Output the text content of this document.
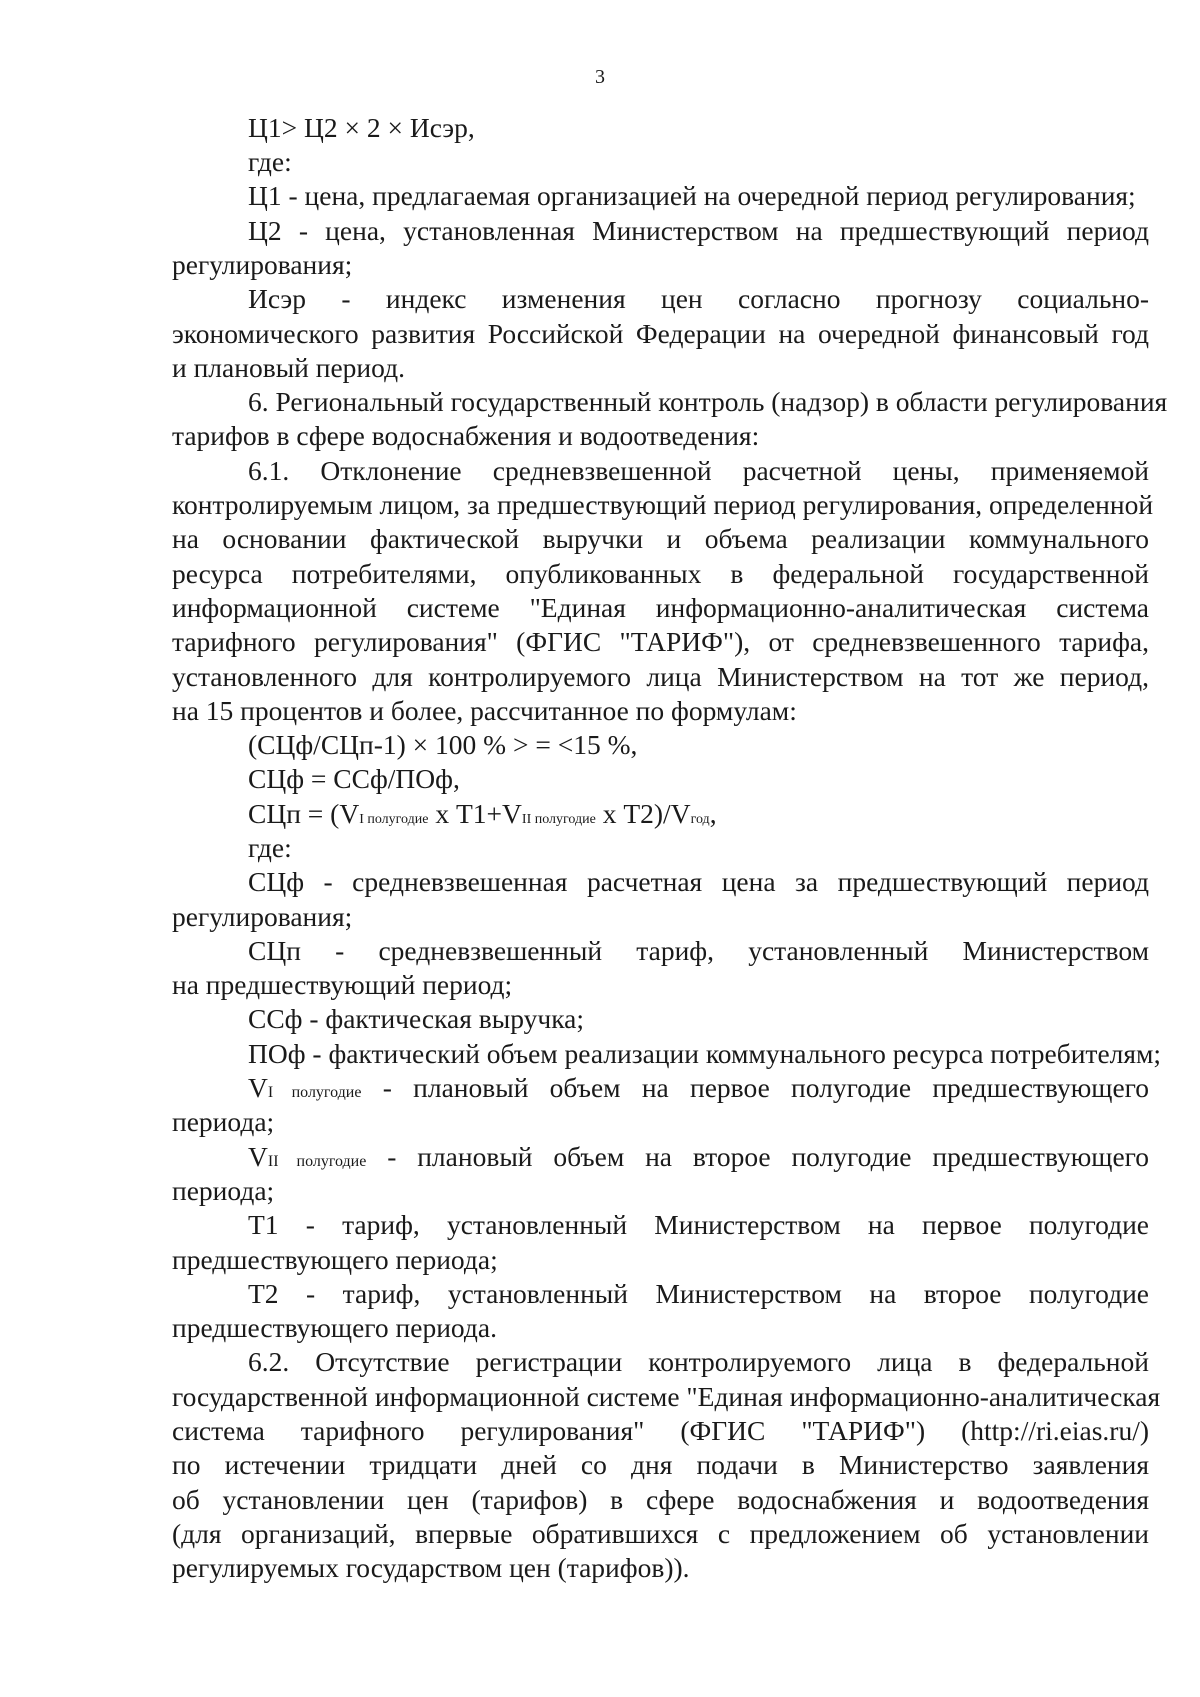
3
Ц1> Ц2 × 2 × Исэр,
где:
Ц1 - цена, предлагаемая организацией на очередной период регулирования;
Ц2 - цена, установленная Министерством на предшествующий период
регулирования;
Исэр - индекс изменения цен согласно прогнозу социально-
экономического развития Российской Федерации на очередной финансовый год
и плановый период.
6. Региональный государственный контроль (надзор) в области регулирования
тарифов в сфере водоснабжения и водоотведения:
6.1. Отклонение средневзвешенной расчетной цены, применяемой
контролируемым лицом, за предшествующий период регулирования, определенной
на основании фактической выручки и объема реализации коммунального
ресурса потребителями, опубликованных в федеральной государственной
информационной системе "Единая информационно-аналитическая система
тарифного регулирования" (ФГИС "ТАРИФ"), от средневзвешенного тарифа,
установленного для контролируемого лица Министерством на тот же период,
на 15 процентов и более, рассчитанное по формулам:
(СЦф/СЦп-1) × 100 % > = <15 %,
СЦф = ССф/ПОф,
СЦп = (VI полугодие х Т1+VII полугодие х Т2)/Vгод,
где:
СЦф - средневзвешенная расчетная цена за предшествующий период
регулирования;
СЦп - средневзвешенный тариф, установленный Министерством
на предшествующий период;
ССф - фактическая выручка;
ПОф - фактический объем реализации коммунального ресурса потребителям;
VI полугодие - плановый объем на первое полугодие предшествующего
периода;
VII полугодие - плановый объем на второе полугодие предшествующего
периода;
Т1 - тариф, установленный Министерством на первое полугодие
предшествующего периода;
Т2 - тариф, установленный Министерством на второе полугодие
предшествующего периода.
6.2. Отсутствие регистрации контролируемого лица в федеральной
государственной информационной системе "Единая информационно-аналитическая
система тарифного регулирования" (ФГИС "ТАРИФ") (http://ri.eias.ru/)
по истечении тридцати дней со дня подачи в Министерство заявления
об установлении цен (тарифов) в сфере водоснабжения и водоотведения
(для организаций, впервые обратившихся с предложением об установлении
регулируемых государством цен (тарифов)).
